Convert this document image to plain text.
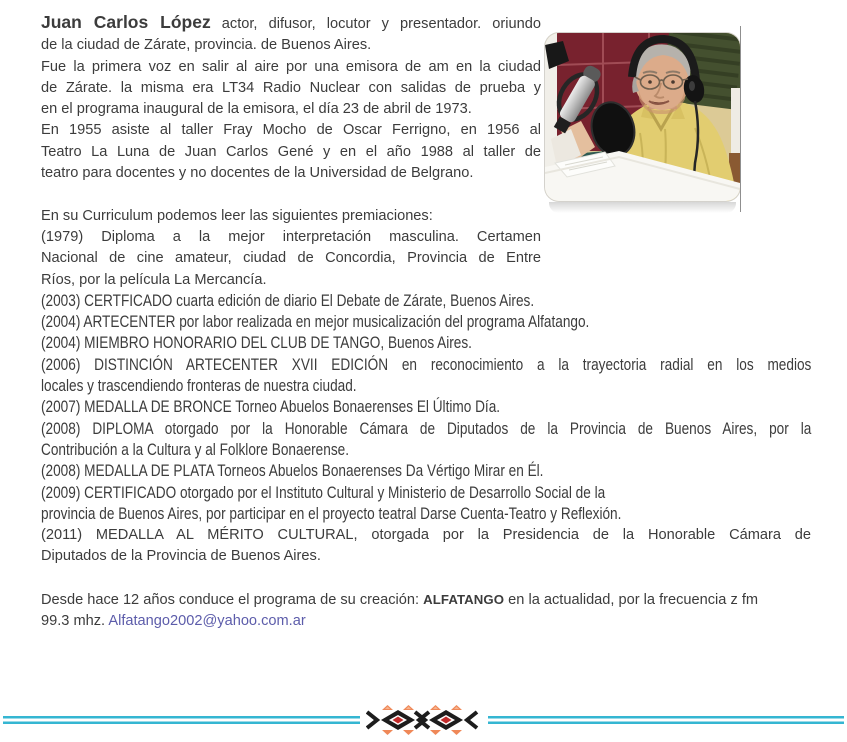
Juan Carlos López actor, difusor, locutor y presentador. oriundo
de la ciudad de Zárate, provincia. de Buenos Aires.
Fue la primera voz en salir al aire por una emisora de am en la ciudad
de Zárate. la misma era LT34 Radio Nuclear con salidas de prueba y
en el programa inaugural de la emisora, el día 23 de abril de 1973.
En 1955 asiste al taller Fray Mocho de Oscar Ferrigno, en 1956 al
Teatro La Luna de Juan Carlos Gené y en el año 1988 al taller de
teatro para docentes y no docentes de la Universidad de Belgrano.
En su Curriculum podemos leer las siguientes premiaciones:
(1979) Diploma a la mejor interpretación masculina. Certamen
Nacional de cine amateur, ciudad de Concordia, Provincia de Entre
Ríos, por la película La Mercancía.
(2003) CERTFICADO cuarta edición de diario El Debate de Zárate, Buenos Aires.
(2004) ARTECENTER por labor realizada en mejor musicalización del programa Alfatango.
(2004) MIEMBRO HONORARIO DEL CLUB DE TANGO, Buenos Aires.
(2006) DISTINCIÓN ARTECENTER XVII EDICIÓN en reconocimiento a la trayectoria radial en los medios
locales y trascendiendo fronteras de nuestra ciudad.
(2007) MEDALLA DE BRONCE Torneo Abuelos Bonaerenses El Último Día.
(2008) DIPLOMA otorgado por la Honorable Cámara de Diputados de la Provincia de Buenos Aires, por la
Contribución a la Cultura y al Folklore Bonaerense.
(2008) MEDALLA DE PLATA Torneos Abuelos Bonaerenses Da Vértigo Mirar en Él.
(2009) CERTIFICADO otorgado por el Instituto Cultural y Ministerio de Desarrollo Social de la
provincia de Buenos Aires, por participar en el proyecto teatral Darse Cuenta-Teatro y Reflexión.
(2011) MEDALLA AL MÉRITO CULTURAL, otorgada por la Presidencia de la Honorable Cámara de
Diputados de la Provincia de Buenos Aires.
Desde hace 12 años conduce el programa de su creación: ALFATANGO en la actualidad, por la frecuencia z fm
99.3 mhz. Alfatango2002@yahoo.com.ar
